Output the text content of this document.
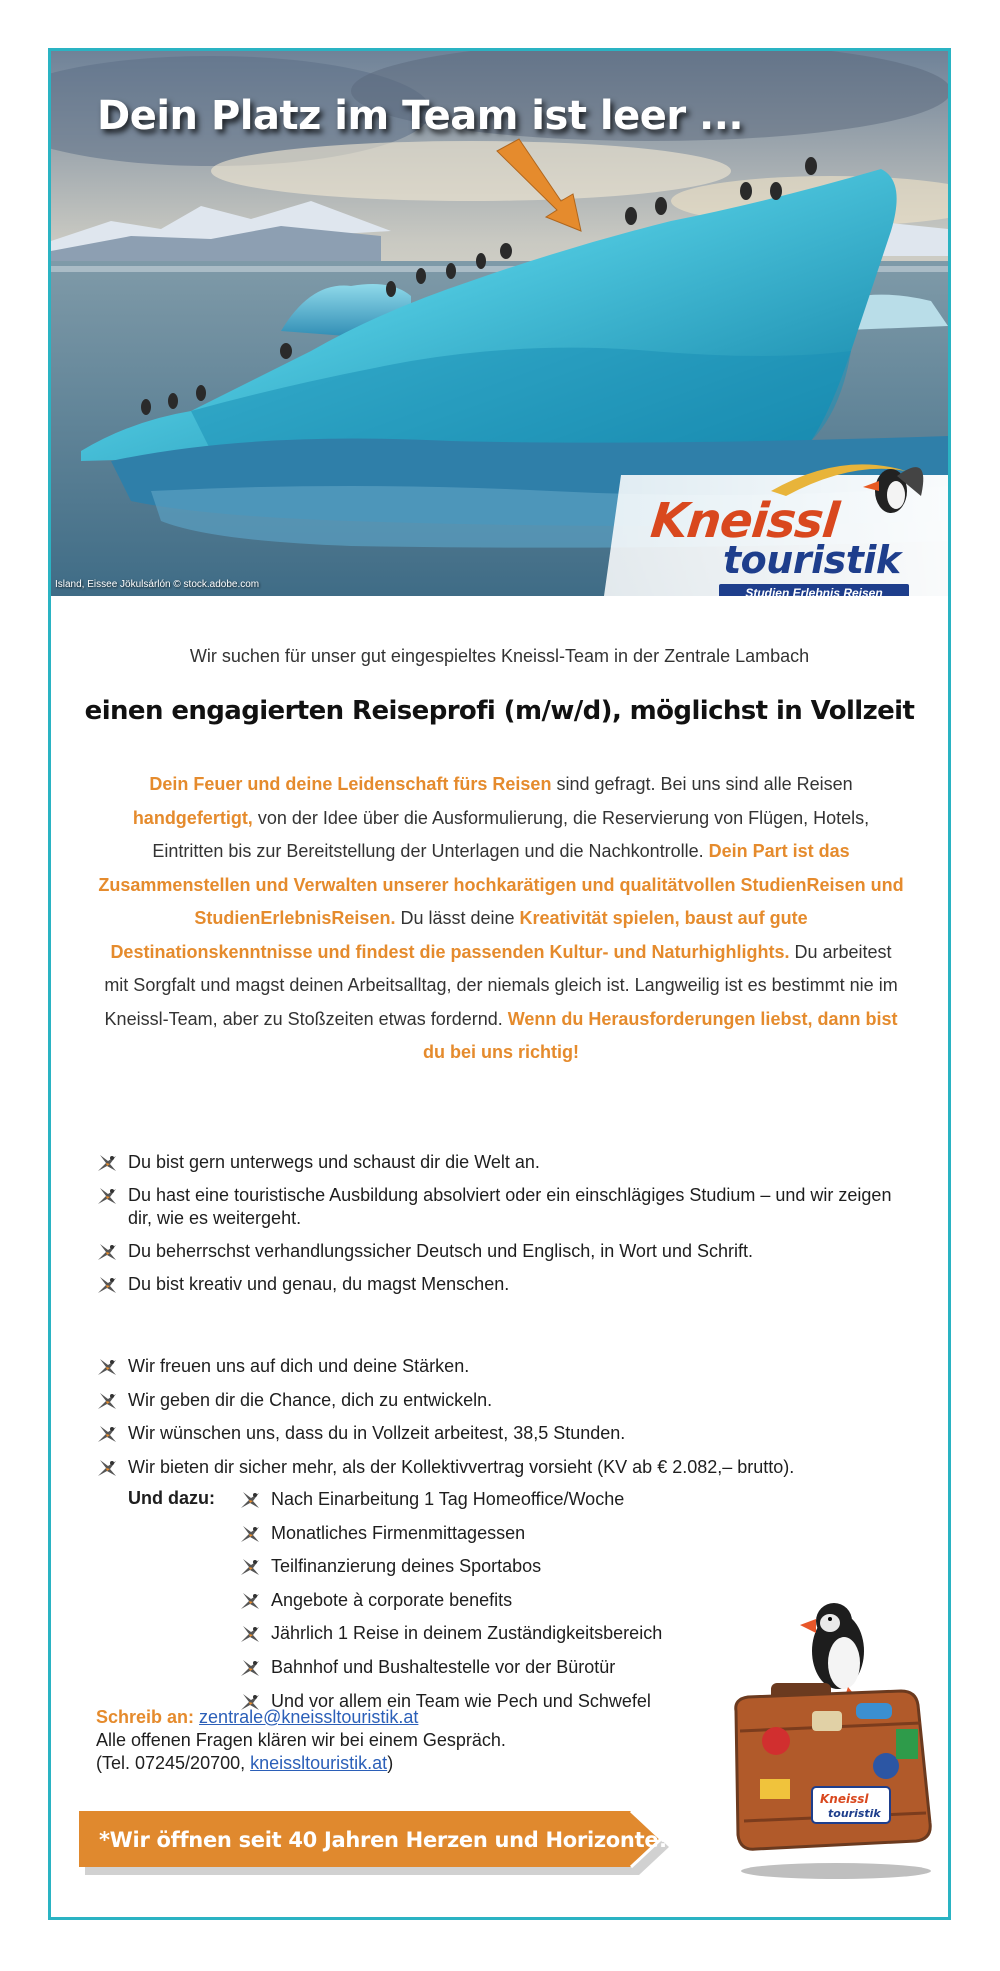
Dein Platz im Team ist leer ...
Island, Eissee Jökulsárlón © stock.adobe.com
Kneissl
touristik
Studien Erlebnis Reisen

Wir suchen für unser gut eingespieltes Kneissl-Team in der Zentrale Lambach

einen engagierten Reiseprofi (m/w/d), möglichst in Vollzeit

Dein Feuer und deine Leidenschaft fürs Reisen sind gefragt. Bei uns sind alle Reisen handgefertigt, von der Idee über die Ausformulierung, die Reservierung von Flügen, Hotels, Eintritten bis zur Bereitstellung der Unterlagen und die Nachkontrolle. Dein Part ist das Zusammenstellen und Verwalten unserer hochkarätigen und qualitätvollen StudienReisen und StudienErlebnisReisen. Du lässt deine Kreativität spielen, baust auf gute Destinationskenntnisse und findest die passenden Kultur- und Naturhighlights. Du arbeitest mit Sorgfalt und magst deinen Arbeitsalltag, der niemals gleich ist. Langweilig ist es bestimmt nie im Kneissl-Team, aber zu Stoßzeiten etwas fordernd. Wenn du Herausforderungen liebst, dann bist du bei uns richtig!

Du bist gern unterwegs und schaust dir die Welt an.
Du hast eine touristische Ausbildung absolviert oder ein einschlägiges Studium – und wir zeigen dir, wie es weitergeht.
Du beherrschst verhandlungssicher Deutsch und Englisch, in Wort und Schrift.
Du bist kreativ und genau, du magst Menschen.
Wir freuen uns auf dich und deine Stärken.
Wir geben dir die Chance, dich zu entwickeln.
Wir wünschen uns, dass du in Vollzeit arbeitest, 38,5 Stunden.
Wir bieten dir sicher mehr, als der Kollektivvertrag vorsieht (KV ab € 2.082,– brutto).
Und dazu:	Nach Einarbeitung 1 Tag Homeoffice/Woche
Monatliches Firmenmittagessen
Teilfinanzierung deines Sportabos
Angebote à corporate benefits
Jährlich 1 Reise in deinem Zuständigkeitsbereich
Bahnhof und Bushaltestelle vor der Bürotür
Und vor allem ein Team wie Pech und Schwefel
Schreib an: zentrale@kneissltouristik.at
Alle offenen Fragen klären wir bei einem Gespräch.
(Tel. 07245/20700, kneissltouristik.at)
Kneissl
touristik
*Wir öffnen seit 40 Jahren Herzen und Horizonte!*
